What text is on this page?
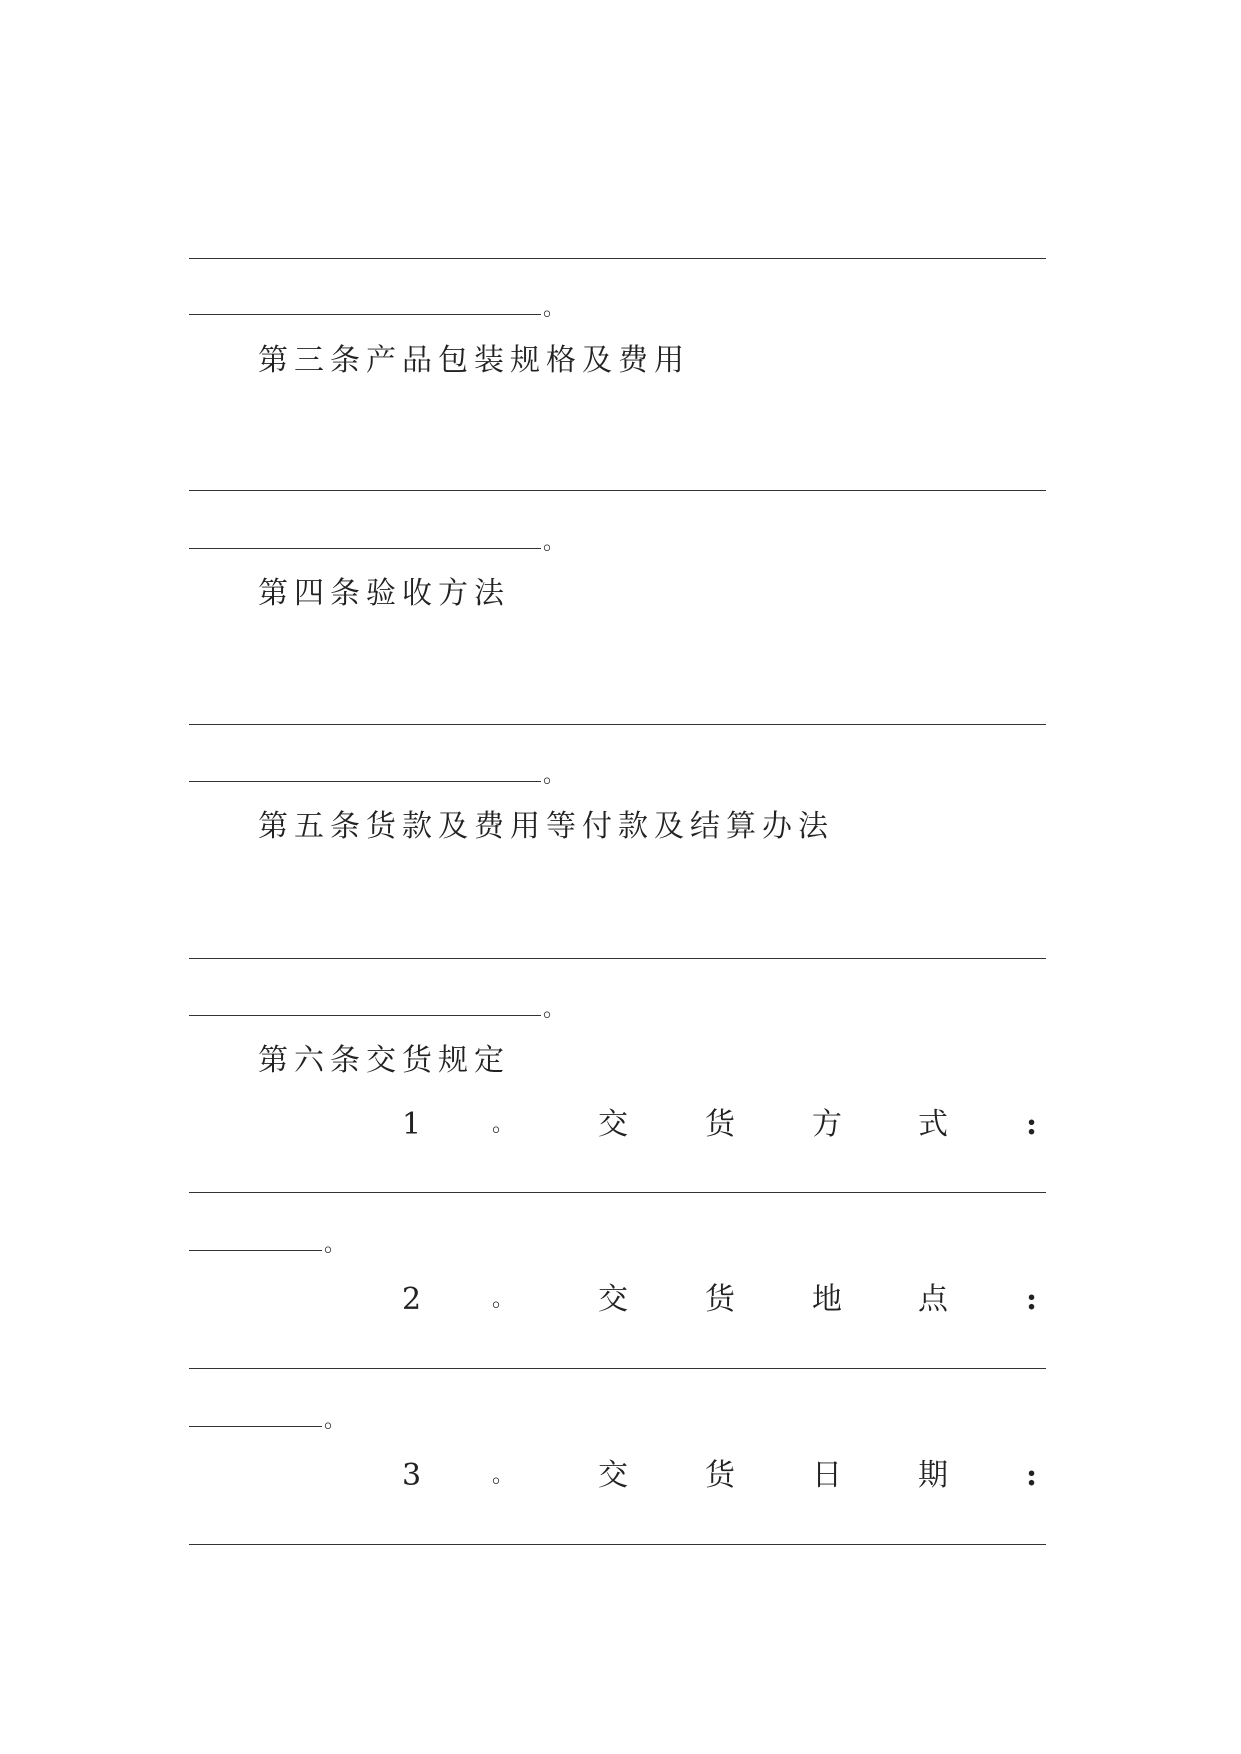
。
第三条产品包装规格及费用
。
第四条验收方法
。
第五条货款及费用等付款及结算办法
。
第六条交货规定
1	。	交	货	方	式	:
。
2	。	交	货	地	点	:
。
3	。	交	货	日	期	:
